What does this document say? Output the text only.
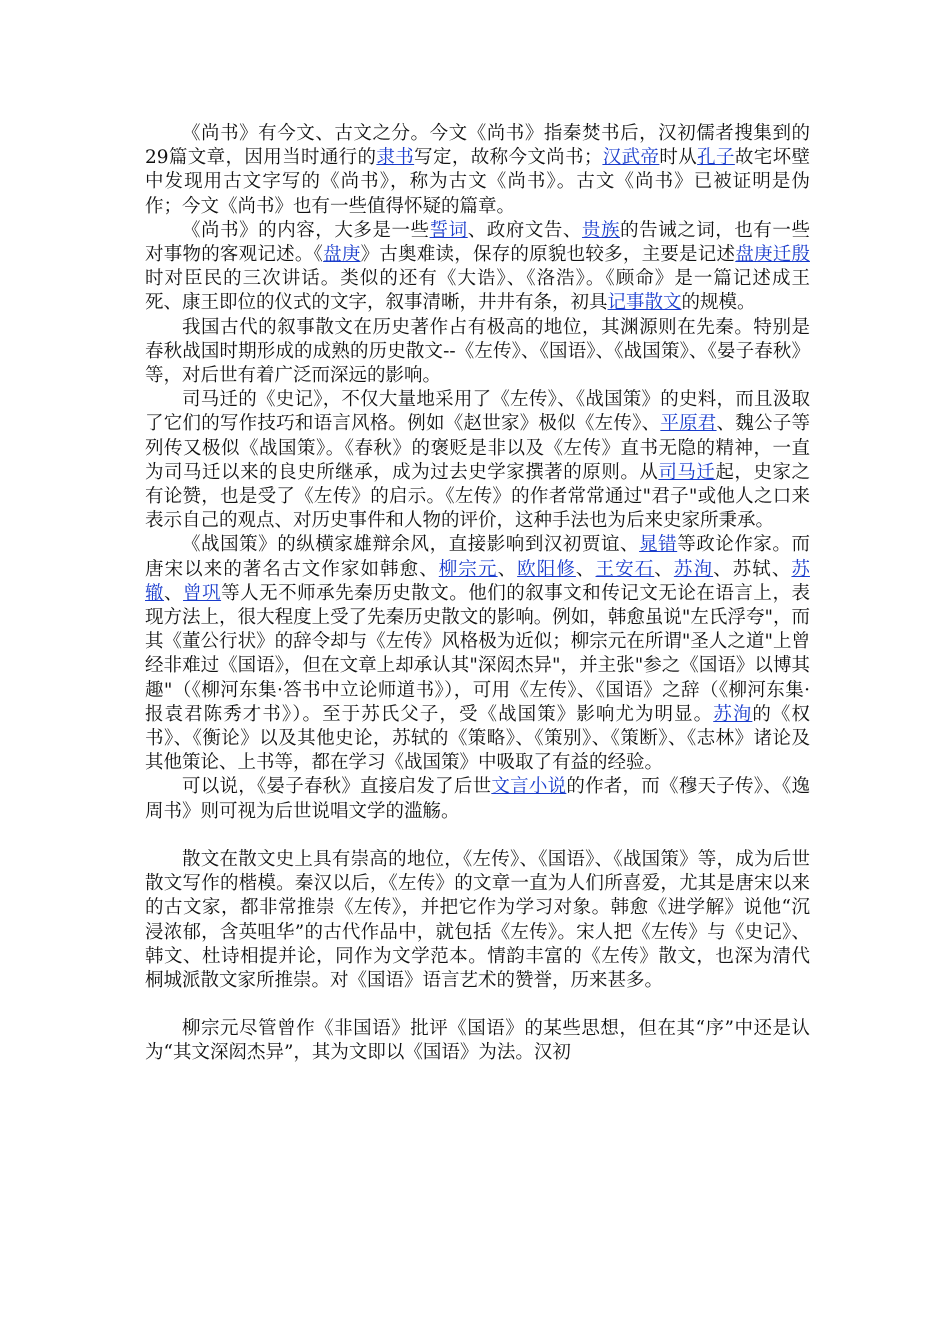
《尚书》有今文、古文之分。今文《尚书》指秦焚书后，汉初儒者搜集到的29篇文章，因用当时通行的隶书写定，故称今文尚书；汉武帝时从孔子故宅坏壁中发现用古文字写的《尚书》，称为古文《尚书》。古文《尚书》已被证明是伪作；今文《尚书》也有一些值得怀疑的篇章。

《尚书》的内容，大多是一些誓词、政府文告、贵族的告诫之词，也有一些对事物的客观记述。《盘庚》古奥难读，保存的原貌也较多，主要是记述盘庚迁殷时对臣民的三次讲话。类似的还有《大诰》、《洛浩》。《顾命》是一篇记述成王死、康王即位的仪式的文字，叙事清晰，井井有条，初具记事散文的规模。

我国古代的叙事散文在历史著作占有极高的地位，其渊源则在先秦。特别是春秋战国时期形成的成熟的历史散文--《左传》、《国语》、《战国策》、《晏子春秋》等，对后世有着广泛而深远的影响。

司马迁的《史记》，不仅大量地采用了《左传》、《战国策》的史料，而且汲取了它们的写作技巧和语言风格。例如《赵世家》极似《左传》、平原君、魏公子等列传又极似《战国策》。《春秋》的褒贬是非以及《左传》直书无隐的精神，一直为司马迁以来的良史所继承，成为过去史学家撰著的原则。从司马迁起，史家之有论赞，也是受了《左传》的启示。《左传》的作者常常通过"君子"或他人之口来表示自己的观点、对历史事件和人物的评价，这种手法也为后来史家所秉承。

《战国策》的纵横家雄辩余风，直接影响到汉初贾谊、晁错等政论作家。而唐宋以来的著名古文作家如韩愈、柳宗元、欧阳修、王安石、苏洵、苏轼、苏辙、曾巩等人无不师承先秦历史散文。他们的叙事文和传记文无论在语言上，表现方法上，很大程度上受了先秦历史散文的影响。例如，韩愈虽说"左氏浮夸"，而其《董公行状》的辞令却与《左传》风格极为近似；柳宗元在所谓"圣人之道"上曾经非难过《国语》，但在文章上却承认其"深闳杰异"，并主张"参之《国语》以博其趣"（《柳河东集·答书中立论师道书》），可用《左传》、《国语》之辞（《柳河东集·报袁君陈秀才书》）。至于苏氏父子，受《战国策》影响尤为明显。苏洵的《权书》、《衡论》以及其他史论，苏轼的《策略》、《策别》、《策断》、《志林》诸论及其他策论、上书等，都在学习《战国策》中吸取了有益的经验。

可以说，《晏子春秋》直接启发了后世文言小说的作者，而《穆天子传》、《逸周书》则可视为后世说唱文学的滥觞。

散文在散文史上具有崇高的地位，《左传》、《国语》、《战国策》等，成为后世散文写作的楷模。秦汉以后，《左传》的文章一直为人们所喜爱，尤其是唐宋以来的古文家，都非常推崇《左传》，并把它作为学习对象。韩愈《进学解》说他“沉浸浓郁，含英咀华”的古代作品中，就包括《左传》。宋人把《左传》与《史记》、韩文、杜诗相提并论，同作为文学范本。情韵丰富的《左传》散文，也深为清代桐城派散文家所推崇。对《国语》语言艺术的赞誉，历来甚多。

柳宗元尽管曾作《非国语》批评《国语》的某些思想，但在其“序”中还是认为“其文深闳杰异”，其为文即以《国语》为法。汉初
